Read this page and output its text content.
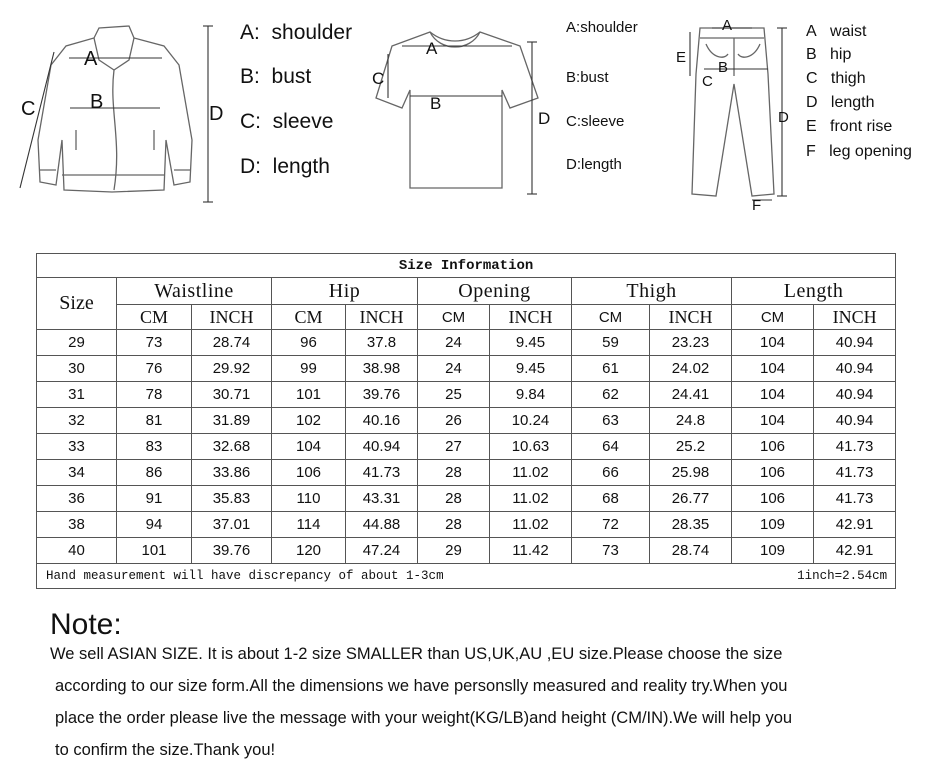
A
B
C	D
A: shoulder
B: bust
C: sleeve
D: length
A
B
C
D
A:shoulder
B:bust
C:sleeve
D:length
A
B
C
D
E
F
A waist
B hip
C thigh
D length
E front rise
F leg opening
Size Information										
Size	Waistline		Hip		Opening		Thigh		Length	
	CM	INCH	CM	INCH	CM	INCH	CM	INCH	CM	INCH
29	73	28.74	96	37.8	24	9.45	59	23.23	104	40.94
30	76	29.92	99	38.98	24	9.45	61	24.02	104	40.94
31	78	30.71	101	39.76	25	9.84	62	24.41	104	40.94
32	81	31.89	102	40.16	26	10.24	63	24.8	104	40.94
33	83	32.68	104	40.94	27	10.63	64	25.2	106	41.73
34	86	33.86	106	41.73	28	11.02	66	25.98	106	41.73
36	91	35.83	110	43.31	28	11.02	68	26.77	106	41.73
38	94	37.01	114	44.88	28	11.02	72	28.35	109	42.91
40	101	39.76	120	47.24	29	11.42	73	28.74	109	42.91

Hand measurement will have discrepancy of about 1-3cm 1inch=2.54cm										
Note:
We sell ASIAN SIZE. It is about 1-2 size SMALLER than US,UK,AU ,EU size.Please choose the size
according to our size form.All the dimensions we have personslly measured and reality try.When you
place the order please live the message with your weight(KG/LB)and height (CM/IN).We will help you
to confirm the size.Thank you!
